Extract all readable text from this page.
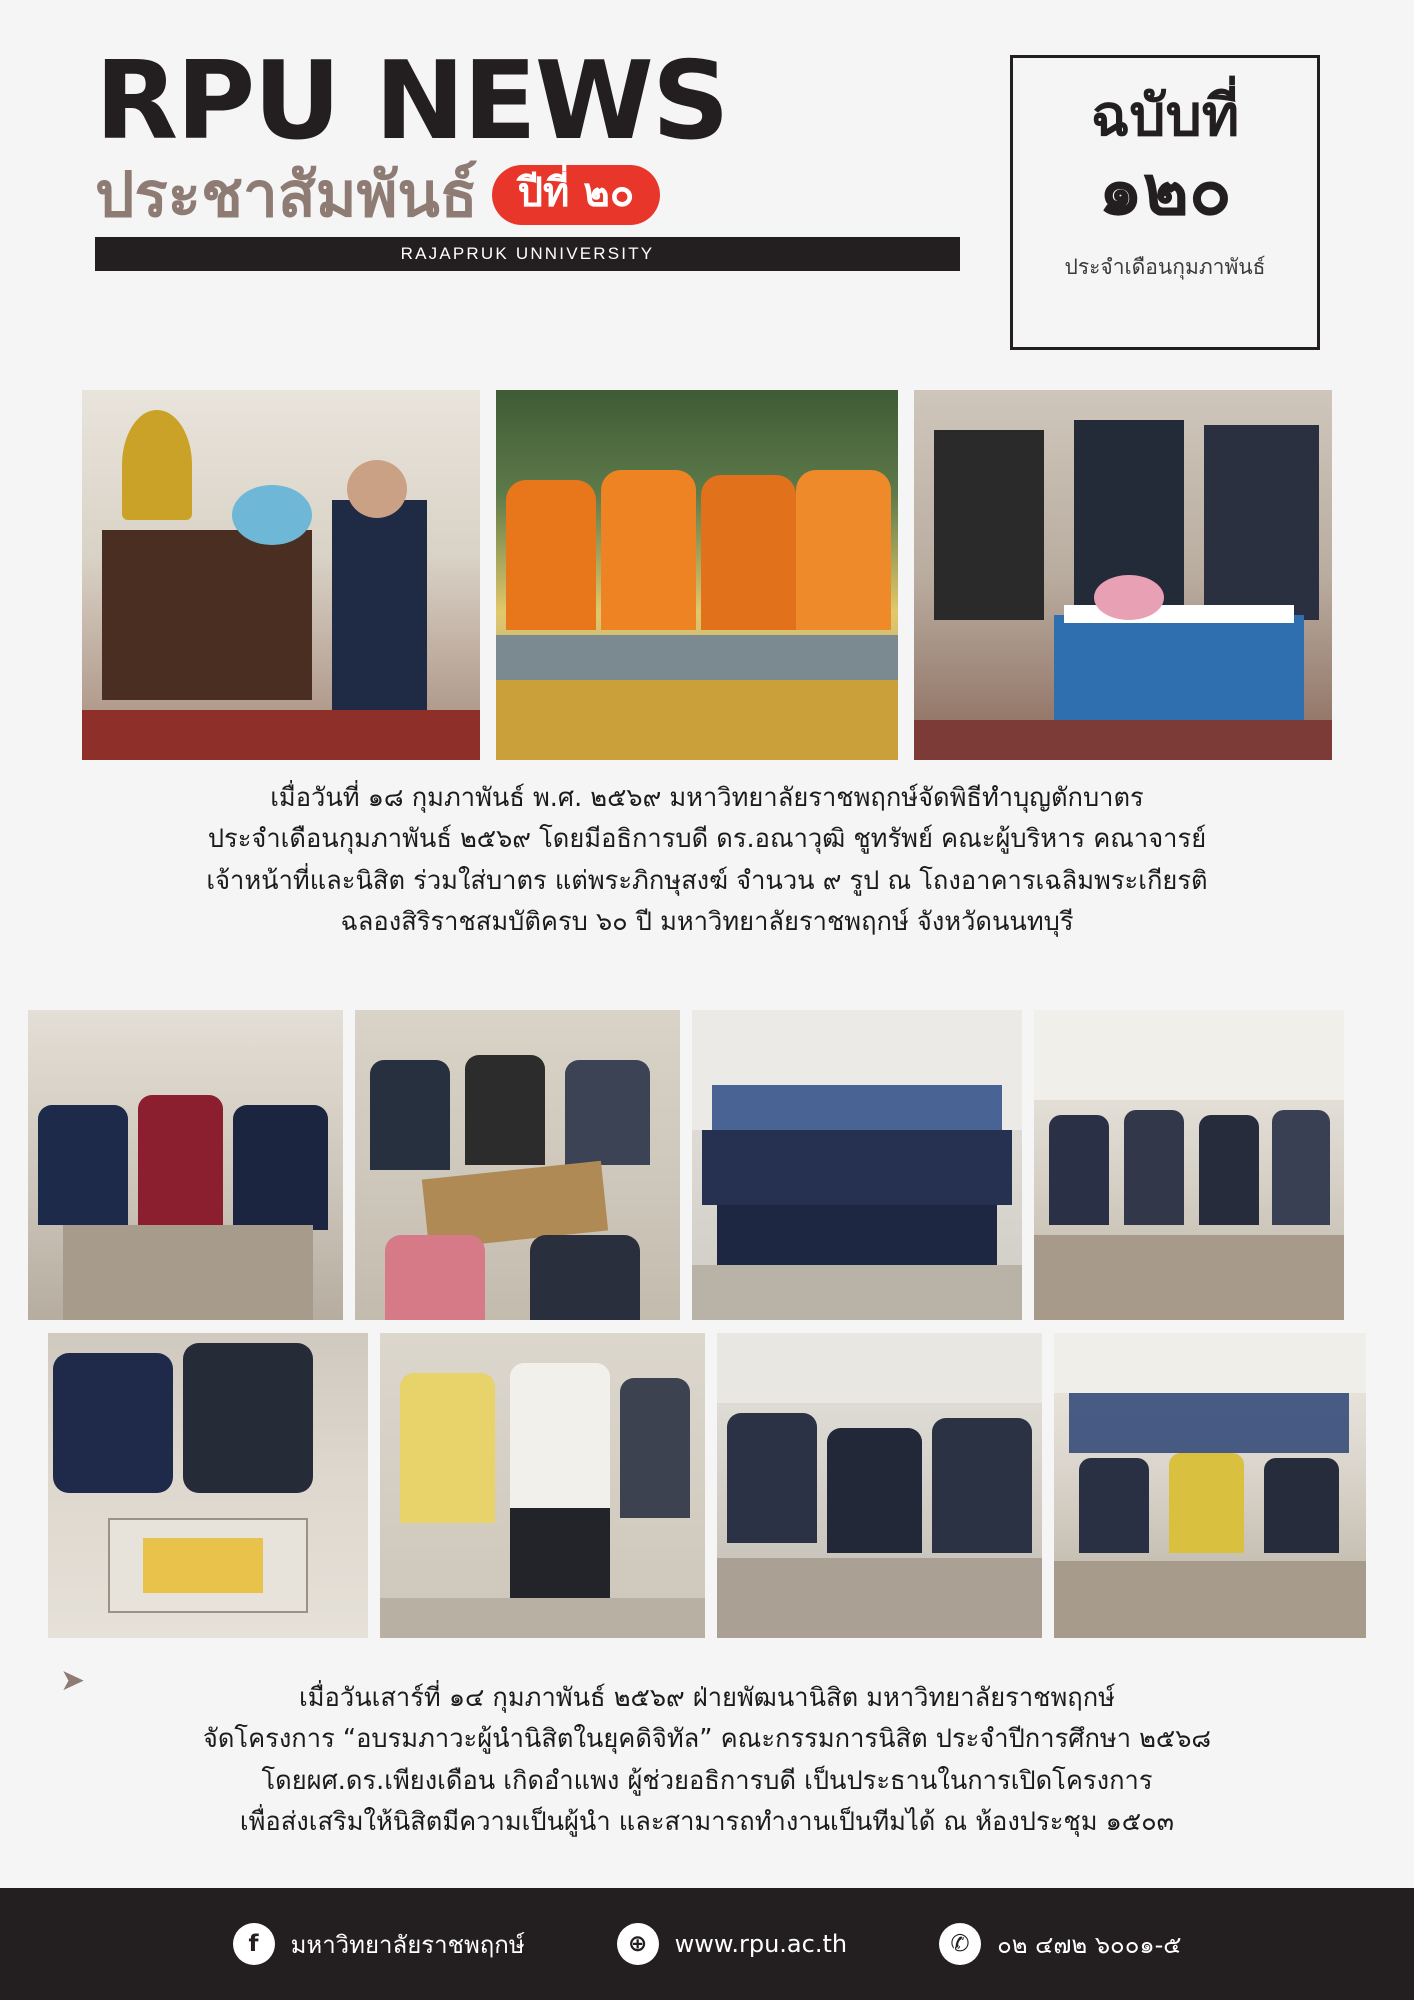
RPU NEWS
ประชาสัมพันธ์	ปีที่ ๒๐
RAJAPRUK UNNIVERSITY
ฉบับที่
๑๒๐
ประจำเดือนกุมภาพันธ์
เมื่อวันที่ ๑๘ กุมภาพันธ์ พ.ศ. ๒๕๖๙ มหาวิทยาลัยราชพฤกษ์จัดพิธีทำบุญตักบาตร
ประจำเดือนกุมภาพันธ์ ๒๕๖๙ โดยมีอธิการบดี ดร.อณาวุฒิ ชูทรัพย์ คณะผู้บริหาร คณาจารย์
เจ้าหน้าที่และนิสิต ร่วมใส่บาตร แต่พระภิกษุสงฆ์ จำนวน ๙ รูป ณ โถงอาคารเฉลิมพระเกียรติ
ฉลองสิริราชสมบัติครบ ๖๐ ปี มหาวิทยาลัยราชพฤกษ์ จังหวัดนนทบุรี
➤	เมื่อวันเสาร์ที่ ๑๔ กุมภาพันธ์ ๒๕๖๙ ฝ่ายพัฒนานิสิต มหาวิทยาลัยราชพฤกษ์
จัดโครงการ “อบรมภาวะผู้นำนิสิตในยุคดิจิทัล” คณะกรรมการนิสิต ประจำปีการศึกษา ๒๕๖๘
โดยผศ.ดร.เพียงเดือน เกิดอำแพง ผู้ช่วยอธิการบดี เป็นประธานในการเปิดโครงการ
เพื่อส่งเสริมให้นิสิตมีความเป็นผู้นำ และสามารถทำงานเป็นทีมได้ ณ ห้องประชุม ๑๕๐๓
f	มหาวิทยาลัยราชพฤกษ์	⊕	www.rpu.ac.th	✆	๐๒ ๔๗๒ ๖๐๐๑-๕
